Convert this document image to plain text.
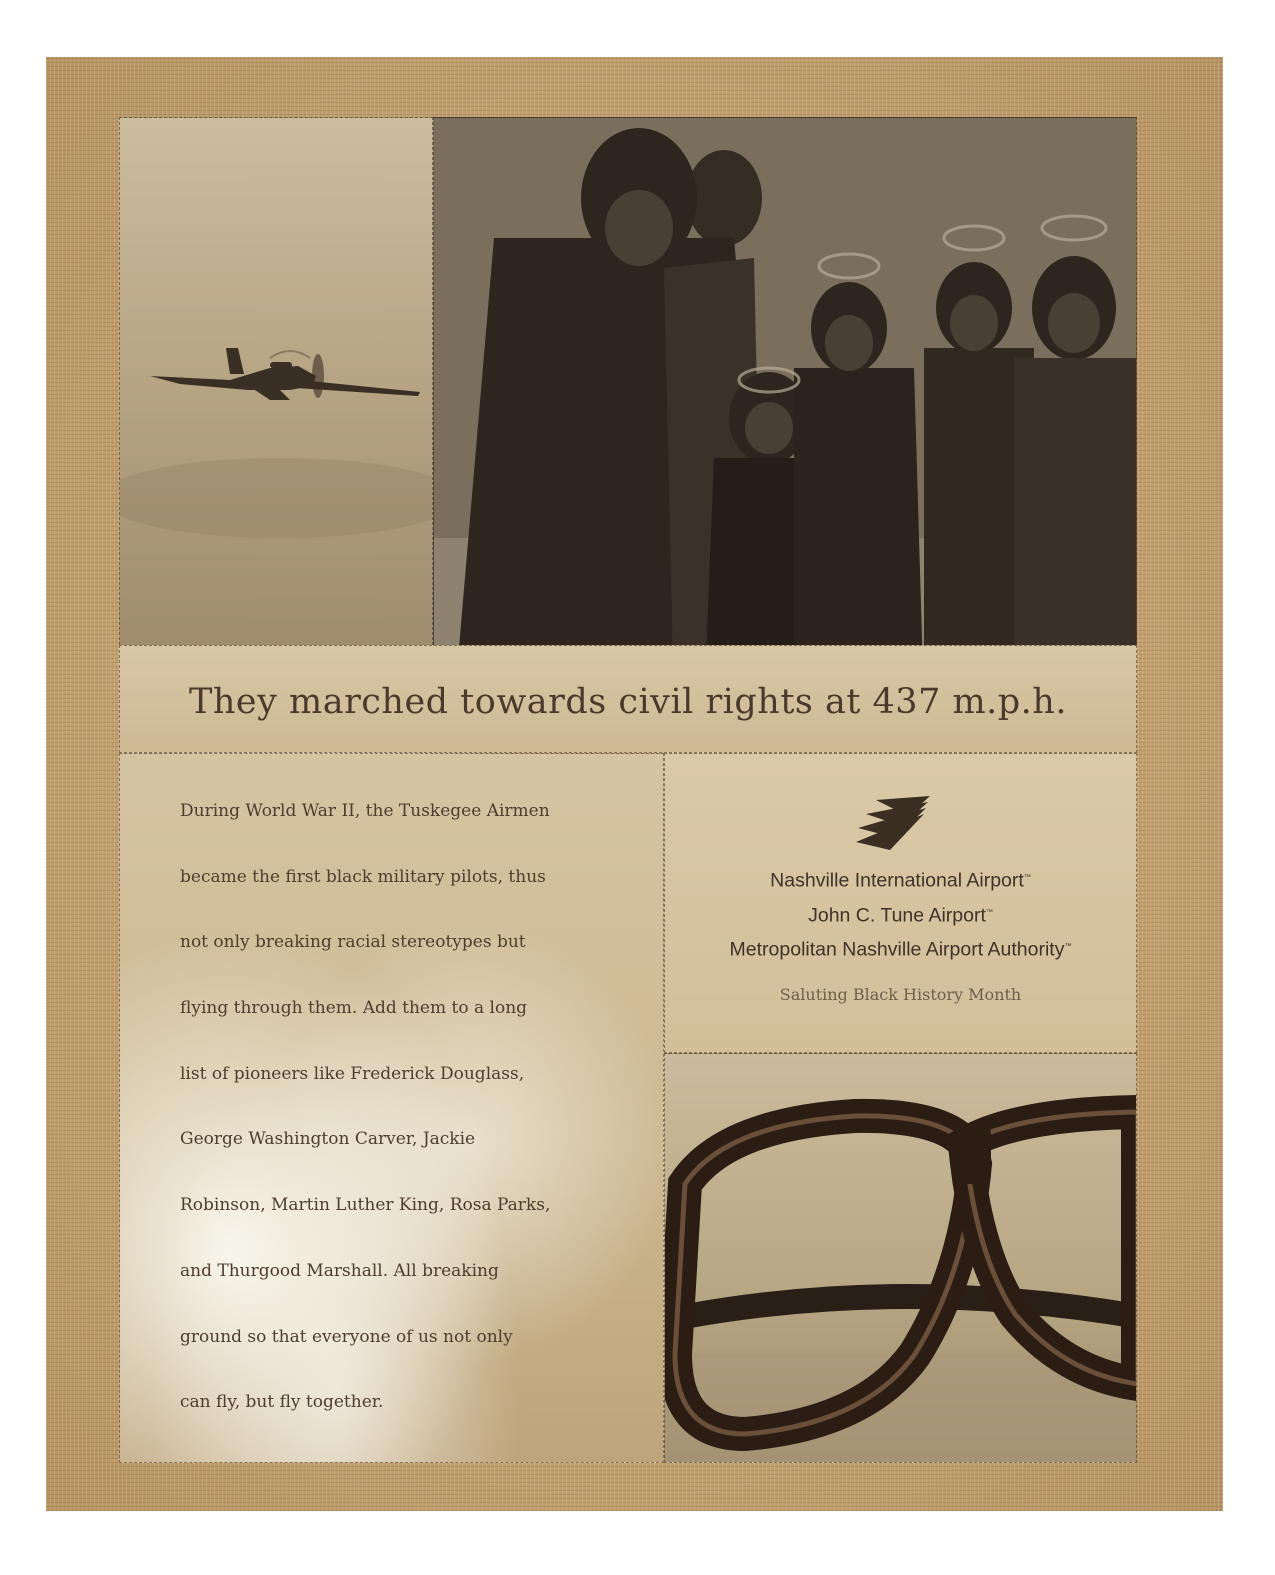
They marched towards civil rights at 437 m.p.h.
During World War II, the Tuskegee Airmen
became the first black military pilots, thus
not only breaking racial stereotypes but
flying through them. Add them to a long
list of pioneers like Frederick Douglass,
George Washington Carver, Jackie
Robinson, Martin Luther King, Rosa Parks,
and Thurgood Marshall. All breaking
ground so that everyone of us not only
can fly, but fly together.
Nashville International Airport™
John C. Tune Airport™
Metropolitan Nashville Airport Authority™
Saluting Black History Month
